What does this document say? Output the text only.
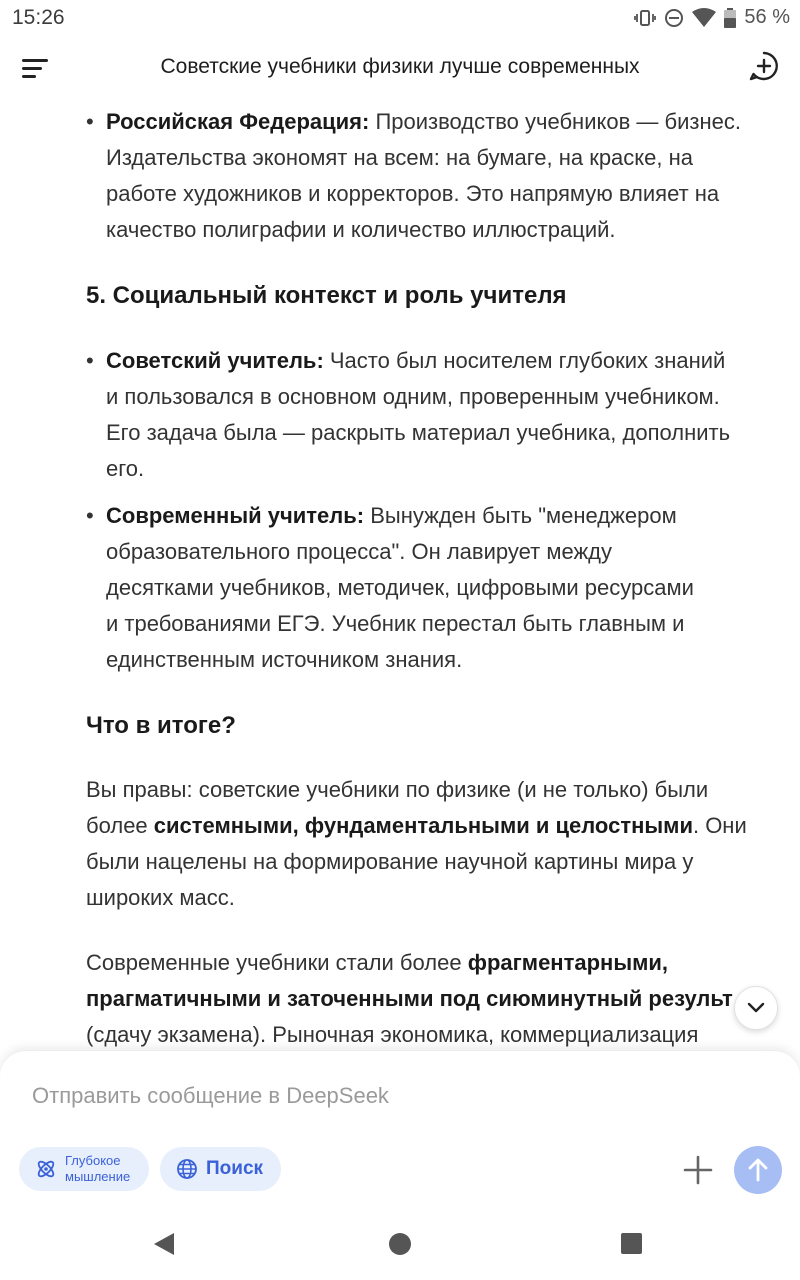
15:26	56 %
Советские учебники физики лучше современных
• Российская Федерация: Производство учебников — бизнес.
Издательства экономят на всем: на бумаге, на краске, на
работе художников и корректоров. Это напрямую влияет на
качество полиграфии и количество иллюстраций.
5. Социальный контекст и роль учителя
• Советский учитель: Часто был носителем глубоких знаний
и пользовался в основном одним, проверенным учебником.
Его задача была — раскрыть материал учебника, дополнить
его.
• Современный учитель: Вынужден быть "менеджером
образовательного процесса". Он лавирует между
десятками учебников, методичек, цифровыми ресурсами
и требованиями ЕГЭ. Учебник перестал быть главным и
единственным источником знания.
Что в итоге?
Вы правы: советские учебники по физике (и не только) были
более системными, фундаментальными и целостными. Они
были нацелены на формирование научной картины мира у
широких масс.
Современные учебники стали более фрагментарными,
прагматичными и заточенными под сиюминутный результ
(сдачу экзамена). Рыночная экономика, коммерциализация
Отправить сообщение в DeepSeek
Глубокое мышление	Поиск
